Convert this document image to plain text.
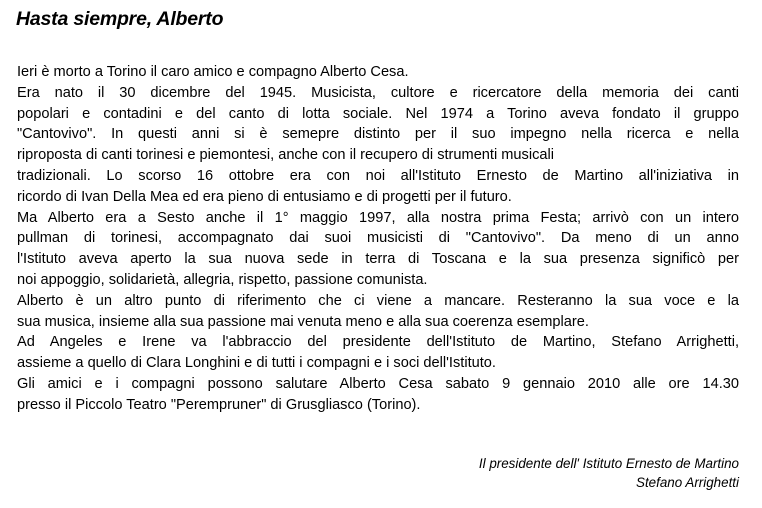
Hasta siempre, Alberto
Ieri è morto a Torino il caro amico e compagno Alberto Cesa.
Era nato il 30 dicembre del 1945. Musicista, cultore e ricercatore della memoria dei canti
popolari e contadini e del canto di lotta sociale. Nel 1974 a Torino aveva fondato il gruppo
"Cantovivo". In questi anni si è semepre distinto per il suo impegno nella ricerca e nella
riproposta di canti torinesi e piemontesi, anche con il recupero di strumenti musicali
tradizionali. Lo scorso 16 ottobre era con noi all'Istituto Ernesto de Martino all'iniziativa in
ricordo di Ivan Della Mea ed era pieno di entusiamo e di progetti per il futuro.
Ma Alberto era a Sesto anche il 1° maggio 1997, alla nostra prima Festa; arrivò con un intero
pullman di torinesi, accompagnato dai suoi musicisti di "Cantovivo". Da meno di un anno
l'Istituto aveva aperto la sua nuova sede in terra di Toscana e la sua presenza significò per
noi appoggio, solidarietà, allegria, rispetto, passione comunista.
Alberto è un altro punto di riferimento che ci viene a mancare. Resteranno la sua voce e la
sua musica, insieme alla sua passione mai venuta meno e alla sua coerenza esemplare.
Ad Angeles e Irene va l'abbraccio del presidente dell'Istituto de Martino, Stefano Arrighetti,
assieme a quello di Clara Longhini e di tutti i compagni e i soci dell'Istituto.
Gli amici e i compagni possono salutare Alberto Cesa sabato 9 gennaio 2010 alle ore 14.30
presso il Piccolo Teatro "Perempruner" di Grusgliasco (Torino).
Il presidente dell' Istituto Ernesto de Martino
Stefano Arrighetti
